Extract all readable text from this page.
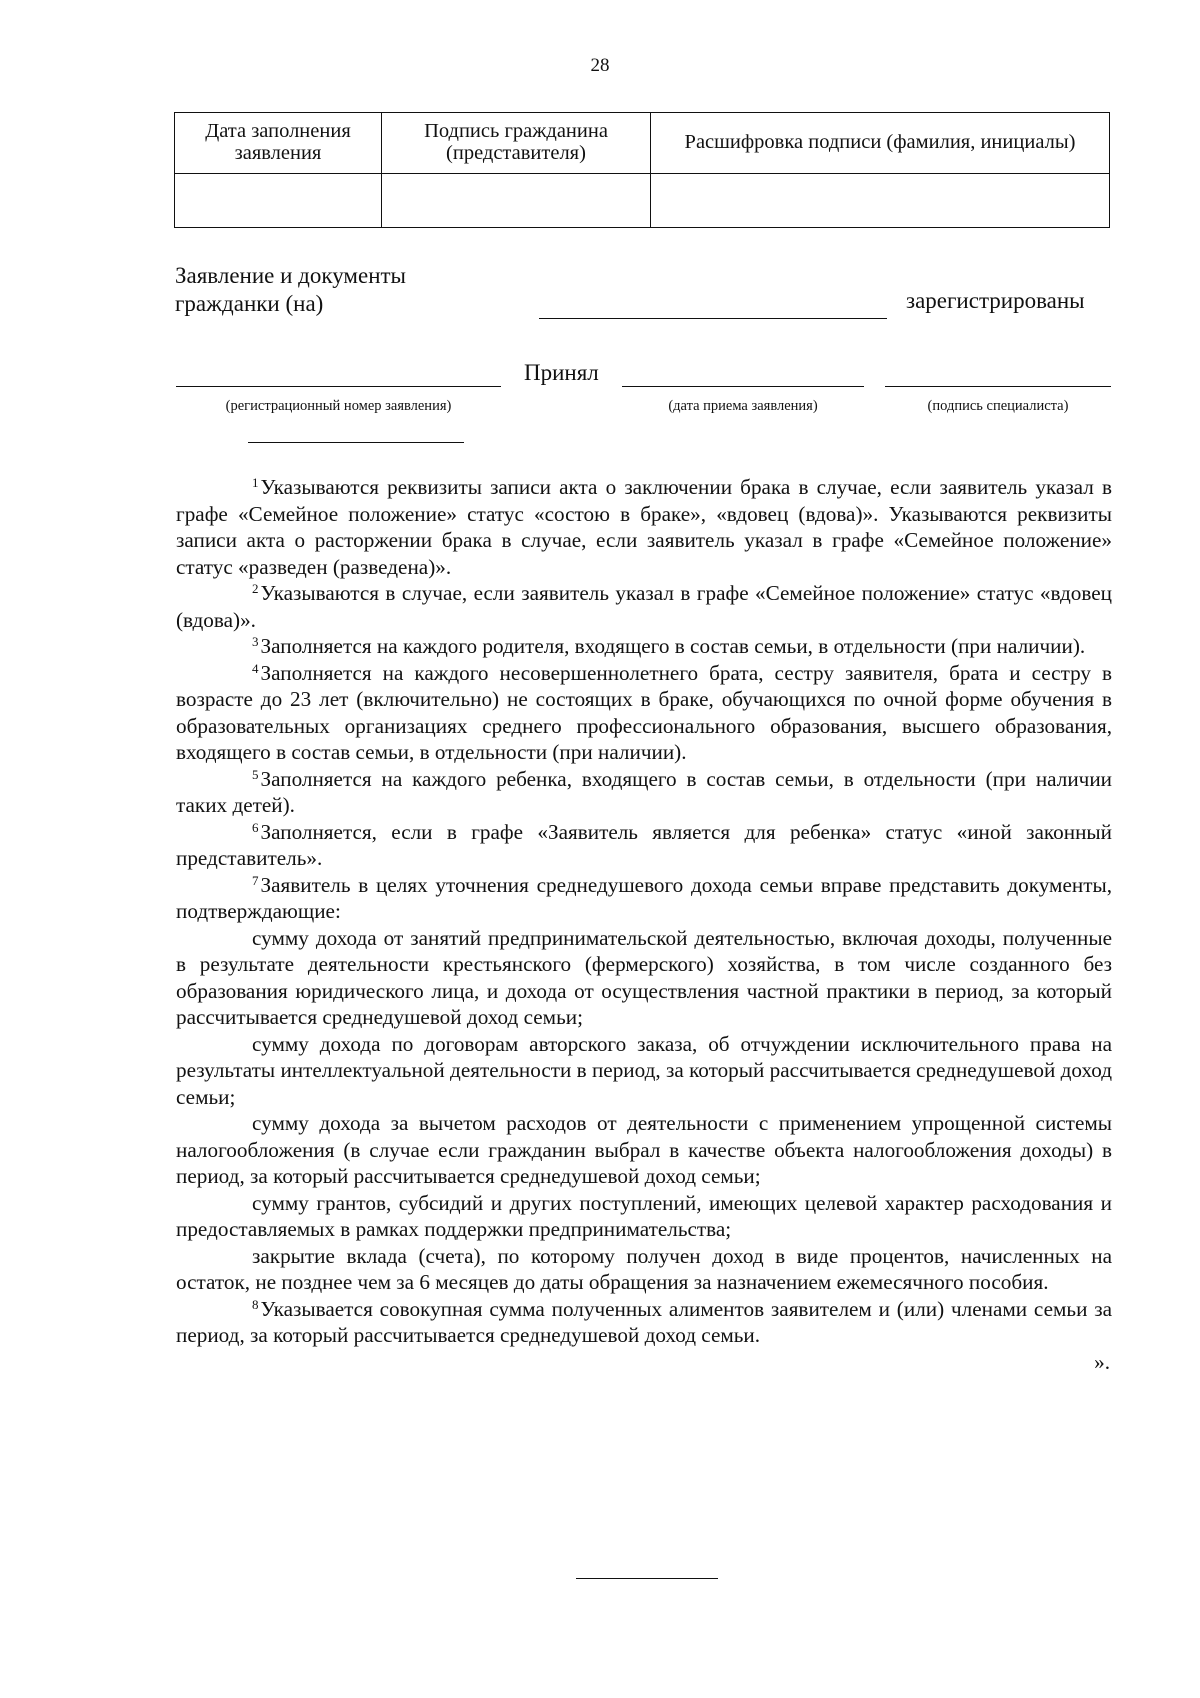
28
Дата заполнения заявления	Подпись гражданина (представителя)	Расшифровка подписи (фамилия, инициалы)

Заявление и документы гражданки (на)	зарегистрированы
Принял
(регистрационный номер заявления)	(дата приема заявления)	(подпись специалиста)

$^1$Указываются реквизиты записи акта о заключении брака в случае, если заявитель указал в графе «Семейное положение» статус «состою в браке», «вдовец (вдова)». Указываются реквизиты записи акта о расторжении брака в случае, если заявитель указал в графе «Семейное положение» статус «разведен (разведена)».

$^2$Указываются в случае, если заявитель указал в графе «Семейное положение» статус «вдовец (вдова)».

$^3$Заполняется на каждого родителя, входящего в состав семьи, в отдельности (при наличии).

$^4$Заполняется на каждого несовершеннолетнего брата, сестру заявителя, брата и сестру в возрасте до 23 лет (включительно) не состоящих в браке, обучающихся по очной форме обучения в образовательных организациях среднего профессионального образования, высшего образования, входящего в состав семьи, в отдельности (при наличии).

$^5$Заполняется на каждого ребенка, входящего в состав семьи, в отдельности (при наличии таких детей).

$^6$Заполняется, если в графе «Заявитель является для ребенка» статус «иной законный представитель».

$^7$Заявитель в целях уточнения среднедушевого дохода семьи вправе представить документы, подтверждающие:

сумму дохода от занятий предпринимательской деятельностью, включая доходы, полученные в результате деятельности крестьянского (фермерского) хозяйства, в том числе созданного без образования юридического лица, и дохода от осуществления частной практики в период, за который рассчитывается среднедушевой доход семьи;

сумму дохода по договорам авторского заказа, об отчуждении исключительного права на результаты интеллектуальной деятельности в период, за который рассчитывается среднедушевой доход семьи;

сумму дохода за вычетом расходов от деятельности с применением упрощенной системы налогообложения (в случае если гражданин выбрал в качестве объекта налогообложения доходы) в период, за который рассчитывается среднедушевой доход семьи;

сумму грантов, субсидий и других поступлений, имеющих целевой характер расходования и предоставляемых в рамках поддержки предпринимательства;

закрытие вклада (счета), по которому получен доход в виде процентов, начисленных на остаток, не позднее чем за 6 месяцев до даты обращения за назначением ежемесячного пособия.

$^8$Указывается совокупная сумма полученных алиментов заявителем и (или) членами семьи за период, за который рассчитывается среднедушевой доход семьи.

».
